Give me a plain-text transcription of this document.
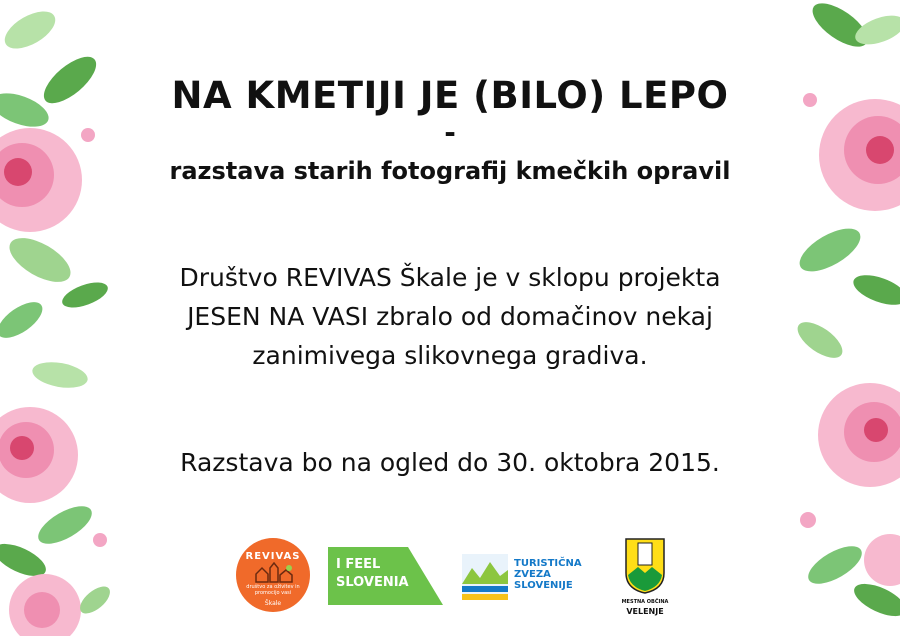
NA KMETIJI JE (BILO) LEPO
-
razstava starih fotografij kmečkih opravil
Društvo REVIVAS Škale je v sklopu projekta
JESEN NA VASI zbralo od domačinov nekaj
zanimivega slikovnega gradiva.
Razstava bo na ogled do 30. oktobra 2015.
REVIVAS
društvo za oživitev in promocijo vasi
Škale
I FEEL
SLOVENIA
TURISTIČNA
ZVEZA
SLOVENIJE
MESTNA OBČINA
VELENJE
